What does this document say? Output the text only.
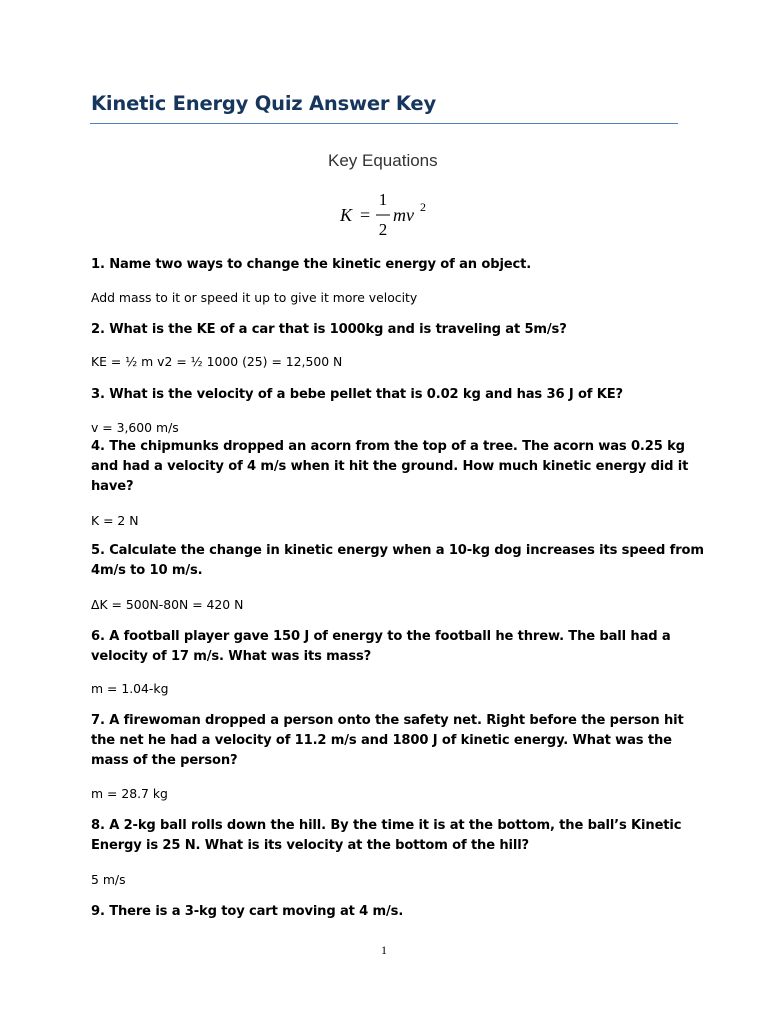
Kinetic Energy Quiz Answer Key
Key Equations
K =
1
2
mv 2
1. Name two ways to change the kinetic energy of an object.
Add mass to it or speed it up to give it more velocity
2. What is the KE of a car that is 1000kg and is traveling at 5m/s?
KE = ½ m v2 = ½ 1000 (25) = 12,500 N
3. What is the velocity of a bebe pellet that is 0.02 kg and has 36 J of KE?
v = 3,600 m/s
4. The chipmunks dropped an acorn from the top of a tree. The acorn was 0.25 kg
and had a velocity of 4 m/s when it hit the ground. How much kinetic energy did it
have?
K = 2 N
5. Calculate the change in kinetic energy when a 10-kg dog increases its speed from
4m/s to 10 m/s.
ΔK = 500N-80N = 420 N
6. A football player gave 150 J of energy to the football he threw. The ball had a
velocity of 17 m/s. What was its mass?
m = 1.04-kg
7. A firewoman dropped a person onto the safety net. Right before the person hit
the net he had a velocity of 11.2 m/s and 1800 J of kinetic energy. What was the
mass of the person?
m = 28.7 kg
8. A 2-kg ball rolls down the hill. By the time it is at the bottom, the ball’s Kinetic
Energy is 25 N. What is its velocity at the bottom of the hill?
5 m/s
9. There is a 3-kg toy cart moving at 4 m/s.
1
